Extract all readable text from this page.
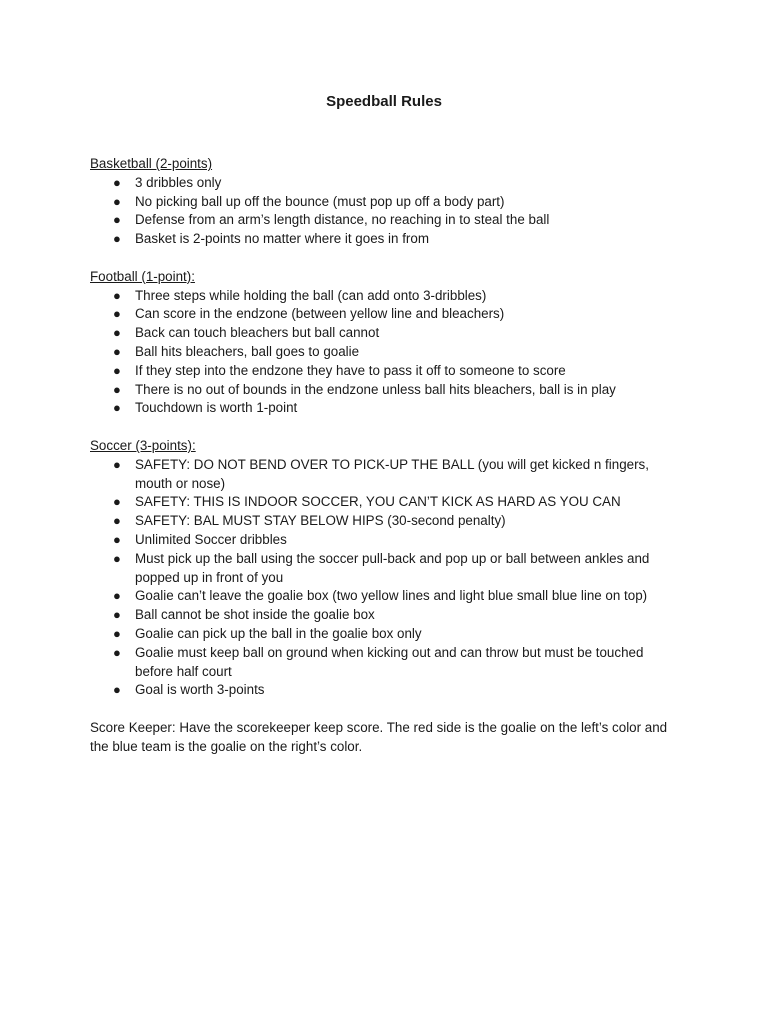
Speedball Rules
Basketball (2-points)
● 3 dribbles only
● No picking ball up off the bounce (must pop up off a body part)
● Defense from an arm’s length distance, no reaching in to steal the ball
● Basket is 2-points no matter where it goes in from
Football (1-point):
● Three steps while holding the ball (can add onto 3-dribbles)
● Can score in the endzone (between yellow line and bleachers)
● Back can touch bleachers but ball cannot
● Ball hits bleachers, ball goes to goalie
● If they step into the endzone they have to pass it off to someone to score
● There is no out of bounds in the endzone unless ball hits bleachers, ball is in play
● Touchdown is worth 1-point
Soccer (3-points):
● SAFETY: DO NOT BEND OVER TO PICK-UP THE BALL (you will get kicked n fingers, mouth or nose)
● SAFETY: THIS IS INDOOR SOCCER, YOU CAN’T KICK AS HARD AS YOU CAN
● SAFETY: BAL MUST STAY BELOW HIPS (30-second penalty)
● Unlimited Soccer dribbles
● Must pick up the ball using the soccer pull-back and pop up or ball between ankles and popped up in front of you
● Goalie can’t leave the goalie box (two yellow lines and light blue small blue line on top)
● Ball cannot be shot inside the goalie box
● Goalie can pick up the ball in the goalie box only
● Goalie must keep ball on ground when kicking out and can throw but must be touched before half court
● Goal is worth 3-points

Score Keeper: Have the scorekeeper keep score. The red side is the goalie on the left’s color and the blue team is the goalie on the right’s color.
